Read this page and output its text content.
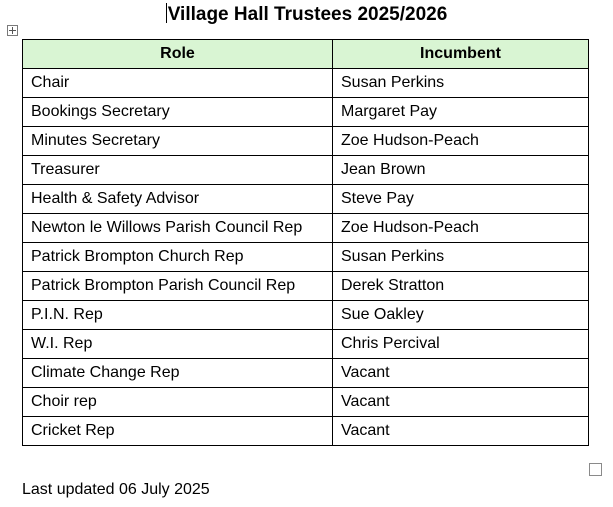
Village Hall Trustees 2025/2026
Role	Incumbent
Chair	Susan Perkins
Bookings Secretary	Margaret Pay
Minutes Secretary	Zoe Hudson-Peach
Treasurer	Jean Brown
Health & Safety Advisor	Steve Pay
Newton le Willows Parish Council Rep	Zoe Hudson-Peach
Patrick Brompton Church Rep	Susan Perkins
Patrick Brompton Parish Council Rep	Derek Stratton
P.I.N. Rep	Sue Oakley
W.I. Rep	Chris Percival
Climate Change Rep	Vacant
Choir rep	Vacant
Cricket Rep	Vacant
Last updated 06 July 2025
